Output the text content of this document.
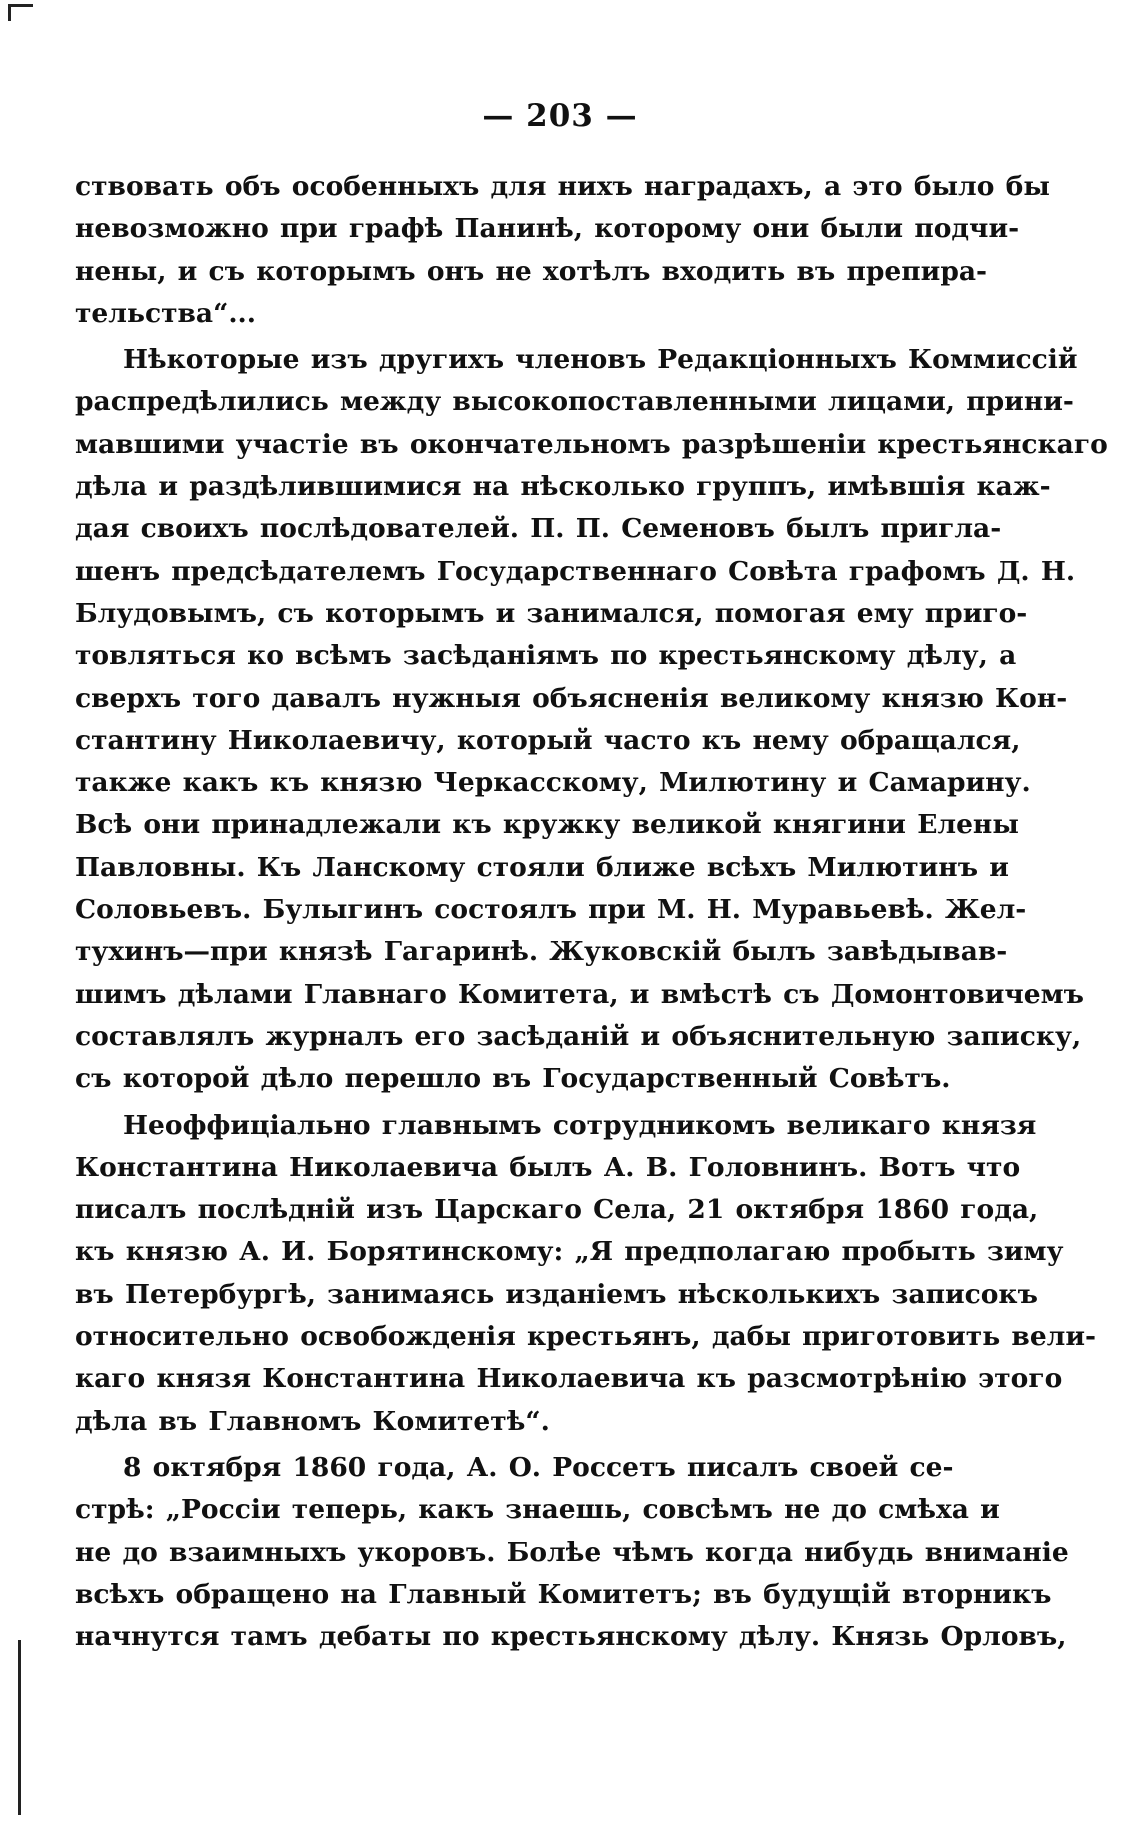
— 203 —
ствовать объ особенныхъ для нихъ наградахъ, а это было бы
невозможно при графѣ Панинѣ, которому они были подчи-
нены, и съ которымъ онъ не хотѣлъ входить въ препира-
тельства“...
Нѣкоторые изъ другихъ членовъ Редакціонныхъ Коммиссій
распредѣлились между высокопоставленными лицами, прини-
мавшими участіе въ окончательномъ разрѣшеніи крестьянскаго
дѣла и раздѣлившимися на нѣсколько группъ, имѣвшія каж-
дая своихъ послѣдователей. П. П. Семеновъ былъ пригла-
шенъ предсѣдателемъ Государственнаго Совѣта графомъ Д. Н.
Блудовымъ, съ которымъ и занимался, помогая ему приго-
товляться ко всѣмъ засѣданіямъ по крестьянскому дѣлу, а
сверхъ того давалъ нужныя объясненія великому князю Кон-
стантину Николаевичу, который часто къ нему обращался,
также какъ къ князю Черкасскому, Милютину и Самарину.
Всѣ они принадлежали къ кружку великой княгини Елены
Павловны. Къ Ланскому стояли ближе всѣхъ Милютинъ и
Соловьевъ. Булыгинъ состоялъ при М. Н. Муравьевѣ. Жел-
тухинъ—при князѣ Гагаринѣ. Жуковскій былъ завѣдывав-
шимъ дѣлами Главнаго Комитета, и вмѣстѣ съ Домонтовичемъ
составлялъ журналъ его засѣданій и объяснительную записку,
съ которой дѣло перешло въ Государственный Совѣтъ.
Неоффиціально главнымъ сотрудникомъ великаго князя
Константина Николаевича былъ А. В. Головнинъ. Вотъ что
писалъ послѣдній изъ Царскаго Села, 21 октября 1860 года,
къ князю А. И. Борятинскому: „Я предполагаю пробыть зиму
въ Петербургѣ, занимаясь изданіемъ нѣсколькихъ записокъ
относительно освобожденія крестьянъ, дабы приготовить вели-
каго князя Константина Николаевича къ разсмотрѣнію этого
дѣла въ Главномъ Комитетѣ“.
8 октября 1860 года, А. О. Россетъ писалъ своей се-
стрѣ: „Россіи теперь, какъ знаешь, совсѣмъ не до смѣха и
не до взаимныхъ укоровъ. Болѣе чѣмъ когда нибудь вниманіе
всѣхъ обращено на Главный Комитетъ; въ будущій вторникъ
начнутся тамъ дебаты по крестьянскому дѣлу. Князь Орловъ,
